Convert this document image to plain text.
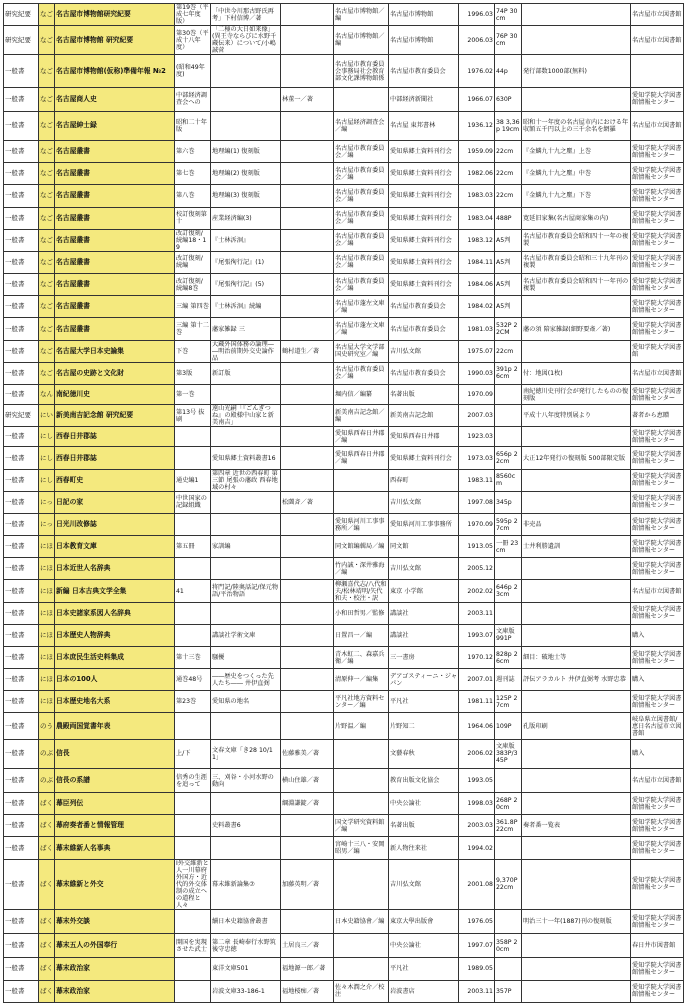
研究紀要	なご	名古屋市博物館研究紀要	第19巻（平成七年度版）	「中世今川那古野氏再考」下村信博／著		名古屋市博物館／編	名古屋市博物館	1996.03	74P 30cm		名古屋市立図書館
研究紀要	なご	名古屋市博物館 研究紀要	第30巻（平成十八年度）	「二極の大日如来像」(異王寺ならびに水野千蔵伝来）について/小嶋誠菅		名古屋市博物館／編	名古屋市博物館	2006.03	76P 30cm		名古屋市立図書館
一般書	なご	名古屋市博物館(仮称)準備年報 №2	(昭和49年度)			名古屋市教育委員会事務局社会教育部文化課博物館係	名古屋市教育委員会	1976.02	44p	発行部数1000部(無料)	
一般書	なご	名古屋商人史	中部経済調査会への		林董一／著		中部経済新聞社	1966.07	630P		愛知学院大学図書館情報センター
一般書	なご	名古屋紳士録	昭和二十年版			名古屋経済調査会／編	名古屋 東邦書林	1936.12	38 3,36p 19cm	昭和十一年度の名古屋市内における年収額五千円以上の三千余名を網羅	名古屋市立図書館
一般書	なご	名古屋叢書	第六巻	地理編(1) 復刻版		名古屋市教育委員会／編	愛知県郷土資料刊行会	1959.09	22cm	『金鱗九十九之塵』上巻	愛知学院大学図書館情報センター
一般書	なご	名古屋叢書	第七巻	地理編(2) 復刻版		名古屋市教育委員会／編	愛知県郷土資料刊行会	1982.06	22cm	『金鱗九十九之塵』中巻	愛知学院大学図書館情報センター
一般書	なご	名古屋叢書	第八巻	地理編(3) 復刻版		名古屋市教育委員会／編	愛知県郷土資料刊行会	1983.03	22cm	『金鱗九十九之塵』下巻	愛知学院大学図書館情報センター
一般書	なご	名古屋叢書	校訂復刻第十	産業経済編(3)		名古屋市教育委員会／編	愛知県郷土資料刊行会	1983.04	488P	寛延旧家集(名古屋商家集の内)	愛知学院大学図書館情報センター
一般書	なご	名古屋叢書	改訂復刻/続編18・19	『士林泝洄』		名古屋市教育委員会／編	愛知県郷土資料刊行会	1983.12	A5判	名古屋市教育委員会昭和四十一年の複製	愛知学院大学図書館情報センター
一般書	なご	名古屋叢書	改訂復刻/続編	『尾張徇行記』(1)		名古屋市教育委員会／編	愛知県郷土資料刊行会	1984.11	A5判	名古屋市教育委員会昭和三十九年刊の複製	愛知学院大学図書館情報センター
一般書	なご	名古屋叢書	改訂復刻/続編8巻	『尾張徇行記』(5)		名古屋市教育委員会／編	愛知県郷土資料刊行会	1984.06	A5判	名古屋市教育委員会昭和四十一年刊の複製	愛知学院大学図書館情報センター
一般書	なご	名古屋叢書	三編 第四巻	『士林泝洄』続編		名古屋市蓬左文庫／編	名古屋市教育委員会	1984.02	A5判		愛知学院大学図書館情報センター
一般書	なご	名古屋叢書	三編 第十二巻	藩家雑録 三		名古屋市蓬左文庫／編	名古屋市教育委員会	1981.03	532P 22CM	藩の須 陪家雑録(細野要斎／著)	愛知学院大学図書館情報センター
一般書	なご	名古屋大学日本史論集	下巻	大蔵外国体務の論理――明治前期外交史論作品	鶴村道生／著	名古屋大学文学部国史研究室／編	吉川弘文館	1975.07	22cm		愛知学院大学図書館
一般書	なご	名古屋の史跡と文化財	第3版	新訂版		名古屋市教育委員会／編	名古屋市教育委員会	1990.03	391p 26cm	付：地図(1枚)	名古屋市立図書館
一般書	なん	南紀徳川史	第一巻			堀内信／編纂	名著出版	1970.09		南紀徳川史刊行会が発行したものの復刻版	愛知学院大学図書館情報センター
研究紀要	にい	新美南吉記念館 研究紀要	第13号 抜刷	遠山光嗣「『ごんぎつね』の殿様中山家と新美南吉」		新美南吉記念館／編	新美南吉記念館	2007.03		平成十八年度特別展より	著者から恵贈
一般書	にし	西春日井郡誌				愛知県西春日井郡／編	愛知県西春日井郡	1923.03			愛知学院大学図書館情報センター
一般書	にし	西春日井郡誌		愛知県郷土資料叢書16		愛知県西春日井郡／編	愛知県郷土資料刊行会	1973.03	656p 22cm	大正12年発行の復刻版 500部限定版	愛知学院大学図書館情報センター
一般書	にし	西春町史	通史編1	第四章 近世の西春町 第三節 尾張の藩政 西春地域の村々			西春町	1983.11	8560cm		愛知学院大学図書館情報センター
一般書	にっ	日記の家	中世国家の記録組織		松薗斉／著		吉川弘文館	1997.08	345p		愛知学院大学図書館情報センター
一般書	にっ	日光川改修誌				愛知県河川工事事務所／編	愛知県河川工事事務所	1970.09	595p 27cm	非売品	愛知学院大学図書館情報センター
一般書	にほ	日本教育文庫	第五冊	家訓編		同文館編輯局／編	同文館	1913.05	一冊 23cm	士井利勝遺訓	愛知学院大学図書館情報センター
一般書	にほ	日本近世人名辞典				竹内誠・深井雅海／編	吉川弘文館	2005.12			愛知学院大学図書館情報センター
一般書	にほ	新編 日本古典文学全集	41	将門記/陸奥話記/保元物語/平治物語		柳瀬喜代志/八代和夫/松林靖明/矢代和夫・校注・訳	東京 小学館	2002.02	646p 23cm		名古屋市立図書館
一般書	にほ	日本史諸家系図人名辞典				小和田哲男／監修	講談社	2003.11			愛知学院大学図書館情報センター
一般書	にほ	日本歴史人物辞典		講談社学術文庫		日置昌一／編	講談社	1993.07	文庫版 991P		購入
一般書	にほ	日本庶民生活史料集成	第十三巻	騒擾		青木虹二、森嘉兵衛／編	三一書房	1970.12	828p 26cm	細目：破地士等	愛知学院大学図書館情報センター
一般書	にほ	日本の100人	通巻48号	――歴史をつくった先人たち―― 井伊直弼		清原伸一／編集	デアゴスティーニ・ジャパン	2007.01	週刊誌	評伝アラカルト 井伊直弼考 水野忠恭	購入
一般書	にほ	日本歴史地名大系	第23巻	愛知県の地名		平凡社地方資料センター／編	平凡社	1981.11	125P 27cm		愛知学院大学図書館情報センター
一般書	のう	農殿両国覚書年表				片野温／編	片野知二	1964.06	109P	孔版印刷	岐阜県立図書館/恵日名古屋市立図書館
一般書	のぶ	信長	上/下	文春文庫「き28 10/11」	佐藤雅美／著		文藝春秋	2006.02	文庫版 383P/345P		購入
一般書	のぶ	信長の系譜	信秀の生涯を追って	三、刈谷・小河水野の動向	横山住雄／著		教育出版文化協会	1993.05			名古屋市立図書館
一般書	ばく	幕臣列伝			綱淵謙錠／著		中央公論社	1998.03	268P 20cm		愛知学院大学図書館情報センター
一般書	ばく	幕府奏者番と情報管理		史料叢書6		国文学研究資料館／編	名著出版	2003.03	361.8P 22cm	奏者番一覧表	愛知学院大学図書館情報センター
一般書	ばく	幕末維新人名事典				宮崎十三八・安岡昭男／編	新人物往来社	1994.02			愛知学院大学図書館情報センター
一般書	ばく	幕末維新と外交	Ⅰ外交維新と人一川幕府外国方・近代的外交体制の成立への道程と人々	幕末維新論集⑦	加藤英明／著		吉川弘文館	2001.08	9,370P 22cm		愛知学院大学図書館情報センター
一般書	ばく	幕末外交談		續日本史籍協會叢書		日本史籍協會／編	東京大學出版會	1976.05		明治三十一年(1887)刊の復刻版	愛知学院大学図書館情報センター
一般書	ばく	幕末五人の外国奉行	開国を実現させた武士	第二章 長崎奉行水野筑後守忠徳	土居良三／著		中央公論社	1997.07	358P 20cm		春日井市図書館
一般書	ばく	幕末政治家		東洋文庫501	福地源一郎／著		平凡社	1989.05			愛知学院大学図書館情報センター
一般書	ばく	幕末政治家		岩波文庫33-186-1	福地桜痴／著	佐々木潤之介／校注	岩波書店	2003.11	357P		愛知学院大学図書館情報センター
